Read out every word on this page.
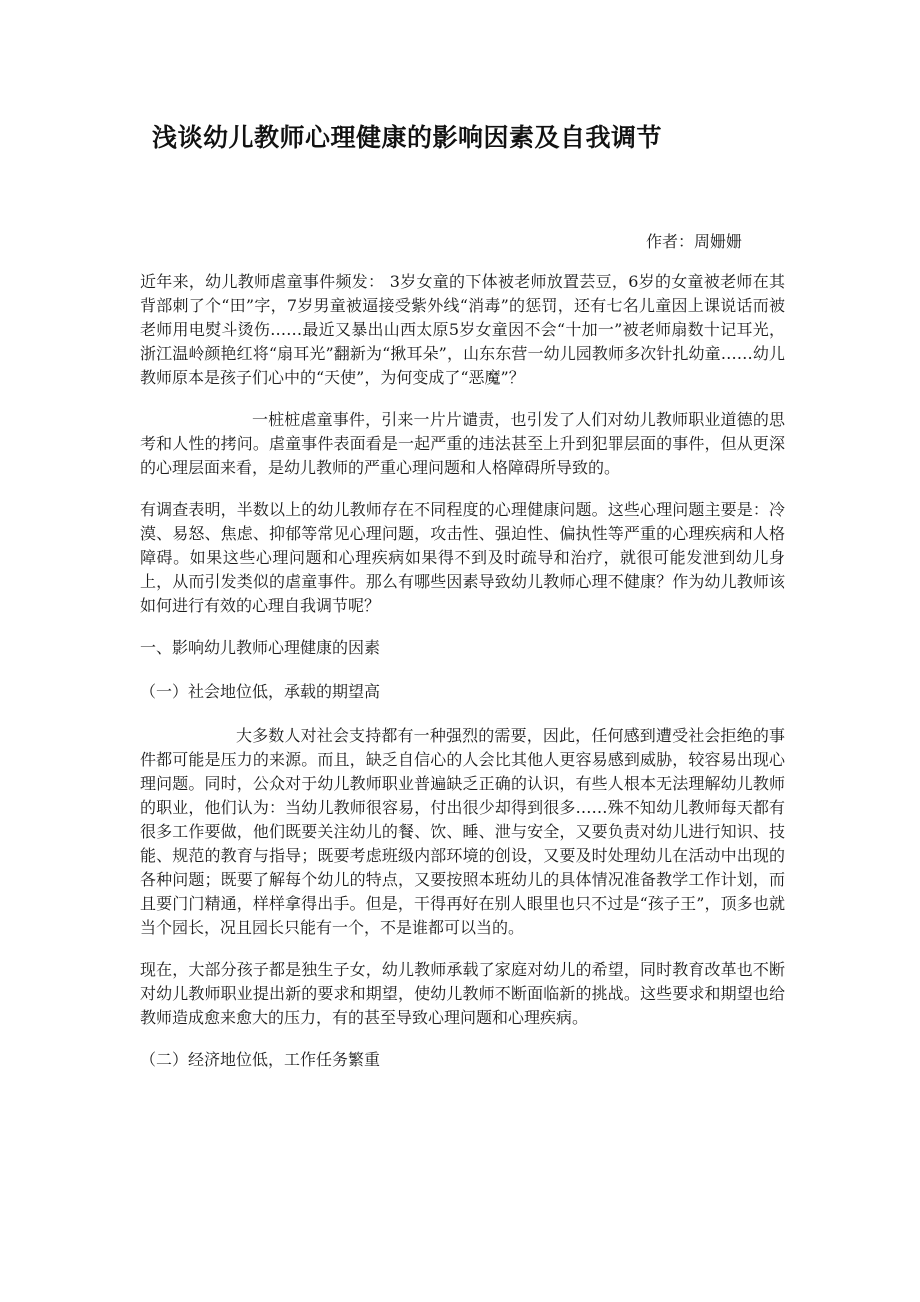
浅谈幼儿教师心理健康的影响因素及自我调节
作者：周姗姗

近年来，幼儿教师虐童事件频发： 3岁女童的下体被老师放置芸豆，6岁的女童被老师在其背部刺了个“田”字，7岁男童被逼接受紫外线“消毒”的惩罚，还有七名儿童因上课说话而被老师用电熨斗烫伤……最近又暴出山西太原5岁女童因不会“十加一”被老师扇数十记耳光，浙江温岭颜艳红将“扇耳光”翻新为“揪耳朵”，山东东营一幼儿园教师多次针扎幼童……幼儿教师原本是孩子们心中的“天使”，为何变成了“恶魔”？

一桩桩虐童事件，引来一片片谴责，也引发了人们对幼儿教师职业道德的思考和人性的拷问。虐童事件表面看是一起严重的违法甚至上升到犯罪层面的事件，但从更深的心理层面来看，是幼儿教师的严重心理问题和人格障碍所导致的。

有调查表明，半数以上的幼儿教师存在不同程度的心理健康问题。这些心理问题主要是：冷漠、易怒、焦虑、抑郁等常见心理问题，攻击性、强迫性、偏执性等严重的心理疾病和人格障碍。如果这些心理问题和心理疾病如果得不到及时疏导和治疗，就很可能发泄到幼儿身上，从而引发类似的虐童事件。那么有哪些因素导致幼儿教师心理不健康？作为幼儿教师该如何进行有效的心理自我调节呢？

一、影响幼儿教师心理健康的因素

（一）社会地位低，承载的期望高

大多数人对社会支持都有一种强烈的需要，因此，任何感到遭受社会拒绝的事件都可能是压力的来源。而且，缺乏自信心的人会比其他人更容易感到威胁，较容易出现心理问题。同时，公众对于幼儿教师职业普遍缺乏正确的认识，有些人根本无法理解幼儿教师的职业，他们认为：当幼儿教师很容易，付出很少却得到很多……殊不知幼儿教师每天都有很多工作要做，他们既要关注幼儿的餐、饮、睡、泄与安全，又要负责对幼儿进行知识、技能、规范的教育与指导；既要考虑班级内部环境的创设，又要及时处理幼儿在活动中出现的各种问题；既要了解每个幼儿的特点，又要按照本班幼儿的具体情况准备教学工作计划，而且要门门精通，样样拿得出手。但是，干得再好在别人眼里也只不过是“孩子王”，顶多也就当个园长，况且园长只能有一个，不是谁都可以当的。

现在，大部分孩子都是独生子女，幼儿教师承载了家庭对幼儿的希望，同时教育改革也不断对幼儿教师职业提出新的要求和期望，使幼儿教师不断面临新的挑战。这些要求和期望也给教师造成愈来愈大的压力，有的甚至导致心理问题和心理疾病。

（二）经济地位低，工作任务繁重
